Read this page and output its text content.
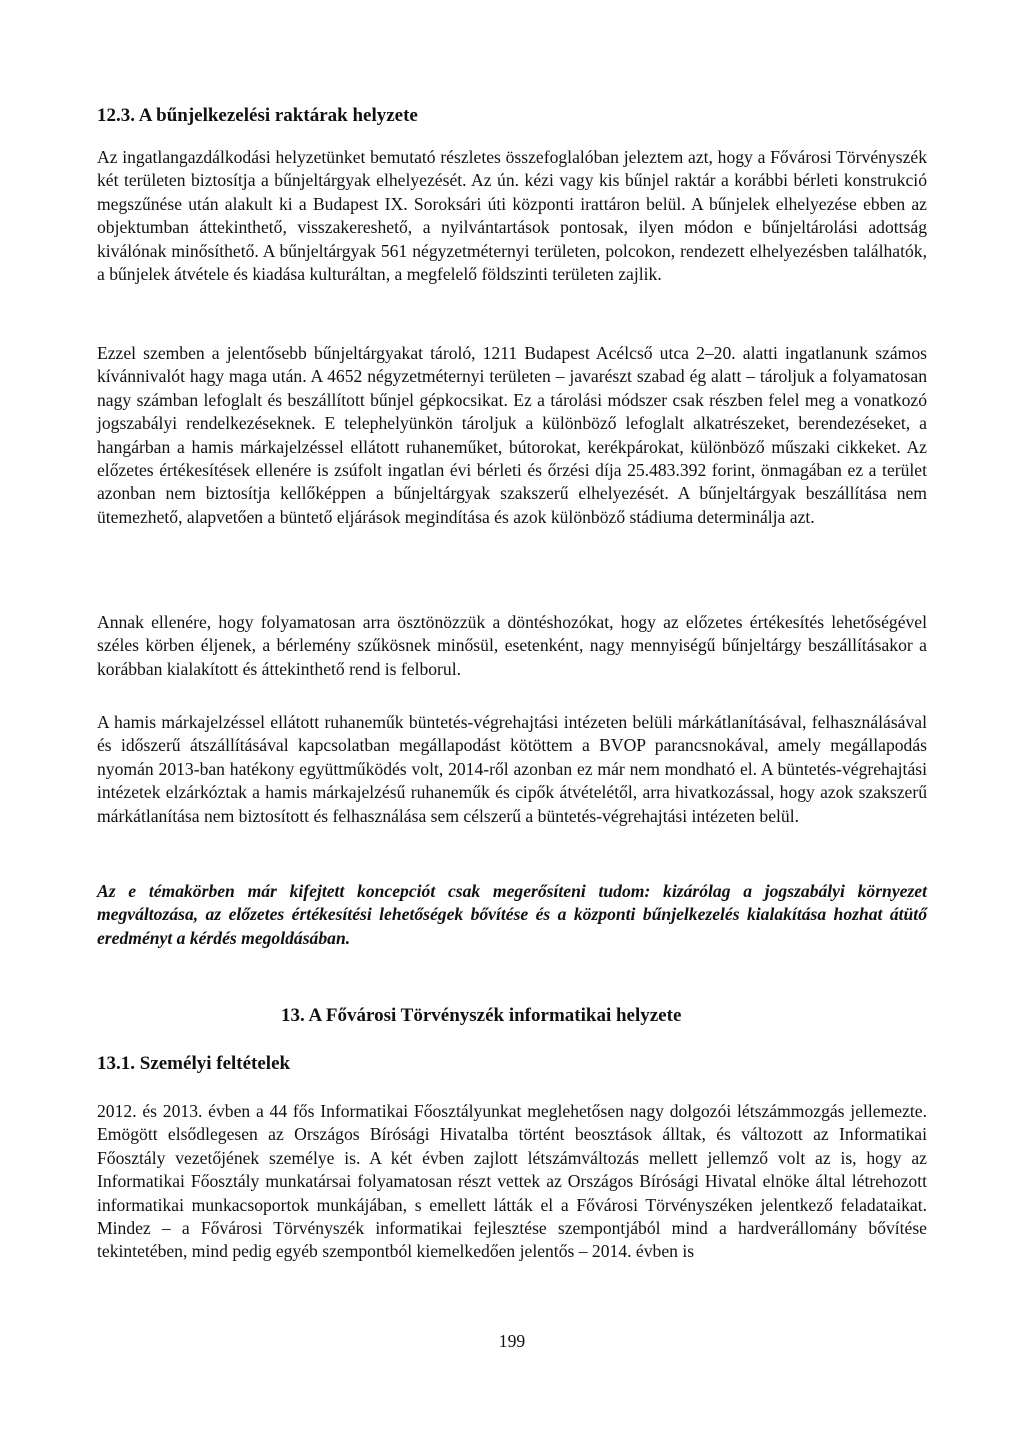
12.3. A bűnjelkezelési raktárak helyzete

Az ingatlangazdálkodási helyzetünket bemutató részletes összefoglalóban jeleztem azt, hogy a Fővárosi Törvényszék két területen biztosítja a bűnjeltárgyak elhelyezését. Az ún. kézi vagy kis bűnjel raktár a korábbi bérleti konstrukció megszűnése után alakult ki a Budapest IX. Soroksári úti központi irattáron belül. A bűnjelek elhelyezése ebben az objektumban áttekinthető, visszakereshető, a nyilvántartások pontosak, ilyen módon e bűnjeltárolási adottság kiválónak minősíthető. A bűnjeltárgyak 561 négyzetméternyi területen, polcokon, rendezett elhelyezésben találhatók, a bűnjelek átvétele és kiadása kulturáltan, a megfelelő földszinti területen zajlik.

Ezzel szemben a jelentősebb bűnjeltárgyakat tároló, 1211 Budapest Acélcső utca 2–20. alatti ingatlanunk számos kívánnivalót hagy maga után. A 4652 négyzetméternyi területen – javarészt szabad ég alatt – tároljuk a folyamatosan nagy számban lefoglalt és beszállított bűnjel gépkocsikat. Ez a tárolási módszer csak részben felel meg a vonatkozó jogszabályi rendelkezéseknek. E telephelyünkön tároljuk a különböző lefoglalt alkatrészeket, berendezéseket, a hangárban a hamis márkajelzéssel ellátott ruhaneműket, bútorokat, kerékpárokat, különböző műszaki cikkeket. Az előzetes értékesítések ellenére is zsúfolt ingatlan évi bérleti és őrzési díja 25.483.392 forint, önmagában ez a terület azonban nem biztosítja kellőképpen a bűnjeltárgyak szakszerű elhelyezését. A bűnjeltárgyak beszállítása nem ütemezhető, alapvetően a büntető eljárások megindítása és azok különböző stádiuma determinálja azt.

Annak ellenére, hogy folyamatosan arra ösztönözzük a döntéshozókat, hogy az előzetes értékesítés lehetőségével széles körben éljenek, a bérlemény szűkösnek minősül, esetenként, nagy mennyiségű bűnjeltárgy beszállításakor a korábban kialakított és áttekinthető rend is felborul.

A hamis márkajelzéssel ellátott ruhaneműk büntetés-végrehajtási intézeten belüli márkátlanításával, felhasználásával és időszerű átszállításával kapcsolatban megállapodást kötöttem a BVOP parancsnokával, amely megállapodás nyomán 2013-ban hatékony együttműködés volt, 2014-ről azonban ez már nem mondható el. A büntetés-végrehajtási intézetek elzárkóztak a hamis márkajelzésű ruhaneműk és cipők átvételétől, arra hivatkozással, hogy azok szakszerű márkátlanítása nem biztosított és felhasználása sem célszerű a büntetés-végrehajtási intézeten belül.

Az e témakörben már kifejtett koncepciót csak megerősíteni tudom: kizárólag a jogszabályi környezet megváltozása, az előzetes értékesítési lehetőségek bővítése és a központi bűnjelkezelés kialakítása hozhat átütő eredményt a kérdés megoldásában.

13. A Fővárosi Törvényszék informatikai helyzete
13.1. Személyi feltételek

2012. és 2013. évben a 44 fős Informatikai Főosztályunkat meglehetősen nagy dolgozói létszámmozgás jellemezte. Emögött elsődlegesen az Országos Bírósági Hivatalba történt beosztások álltak, és változott az Informatikai Főosztály vezetőjének személye is. A két évben zajlott létszámváltozás mellett jellemző volt az is, hogy az Informatikai Főosztály munkatársai folyamatosan részt vettek az Országos Bírósági Hivatal elnöke által létrehozott informatikai munkacsoportok munkájában, s emellett látták el a Fővárosi Törvényszéken jelentkező feladataikat. Mindez – a Fővárosi Törvényszék informatikai fejlesztése szempontjából mind a hardverállomány bővítése tekintetében, mind pedig egyéb szempontból kiemelkedően jelentős – 2014. évben is

199
